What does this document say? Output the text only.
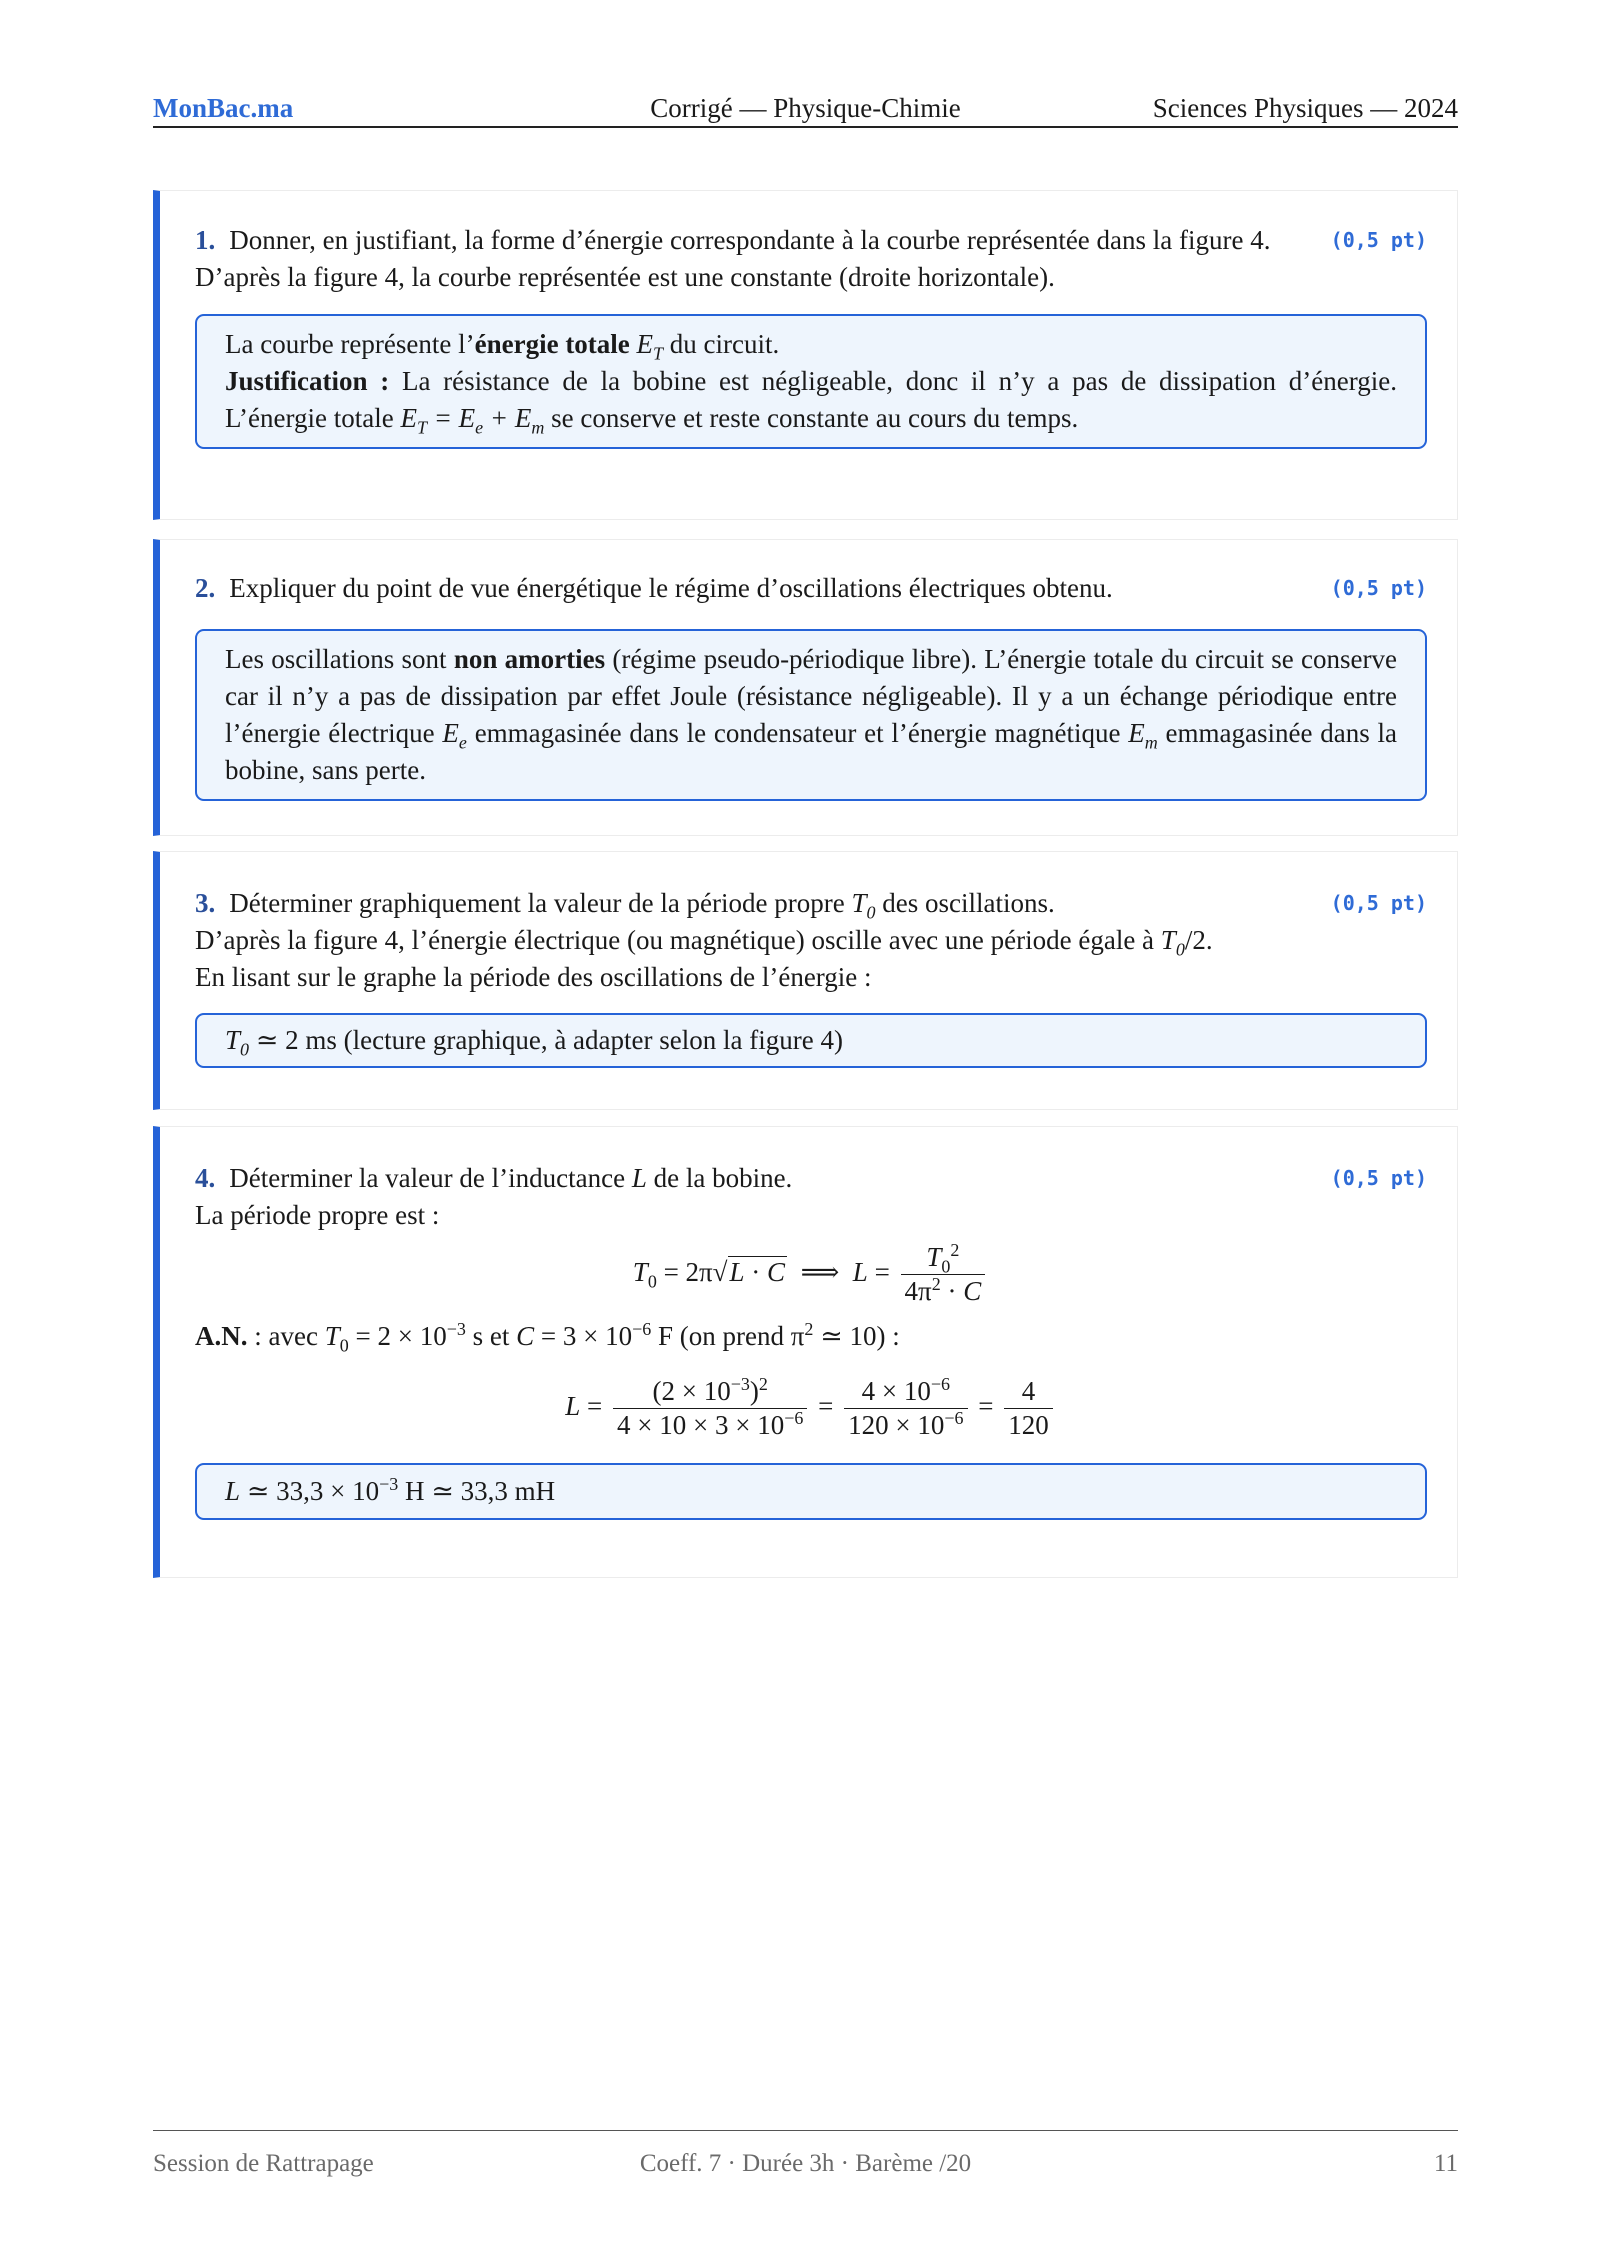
MonBac.ma	Corrigé — Physique-Chimie	Sciences Physiques — 2024
1. Donner, en justifiant, la forme d’énergie correspondante à la courbe représentée dans la figure 4.	(0,5 pt)
D’après la figure 4, la courbe représentée est une constante (droite horizontale).
La courbe représente l’énergie totale $E_T$ du circuit.
Justification : La résistance de la bobine est négligeable, donc il n’y a pas de dissipation d’énergie. L’énergie totale $E_T = E_e + E_m$ se conserve et reste constante au cours du temps.
2. Expliquer du point de vue énergétique le régime d’oscillations électriques obtenu.	(0,5 pt)
Les oscillations sont non amorties (régime pseudo-périodique libre). L’énergie totale du circuit se conserve car il n’y a pas de dissipation par effet Joule (résistance négligeable). Il y a un échange périodique entre l’énergie électrique $E_e$ emmagasinée dans le condensateur et l’énergie magnétique $E_m$ emmagasinée dans la bobine, sans perte.
3. Déterminer graphiquement la valeur de la période propre $T_0$ des oscillations.	(0,5 pt)
D’après la figure 4, l’énergie électrique (ou magnétique) oscille avec une période égale à $T_0/2$.
En lisant sur le graphe la période des oscillations de l’énergie :
$T_0$ ≃ 2 ms (lecture graphique, à adapter selon la figure 4)
4. Déterminer la valeur de l’inductance L de la bobine.	(0,5 pt)
La période propre est :
$T_0 = 2\pi√L \cdot C$  ⟹  $L = \frac{T_0^2}{4\pi^2 \cdot C}$
A.N. : avec $T_0 = 2 \times 10^{-3}$ s et $C = 3 \times 10^{-6}$ F (on prend $\pi^2$ ≃ 10) :
$L = \frac{(2 \times 10^{-3})^2}{4 \times 10 \times 3 \times 10^{-6}} = \frac{4 \times 10^{-6}}{120 \times 10^{-6}} = \frac{4}{120}$
L ≃ $33,3 \times 10^{-3}$ H ≃ 33,3 mH
Session de Rattrapage	Coeff. 7 · Durée 3h · Barème /20	11
